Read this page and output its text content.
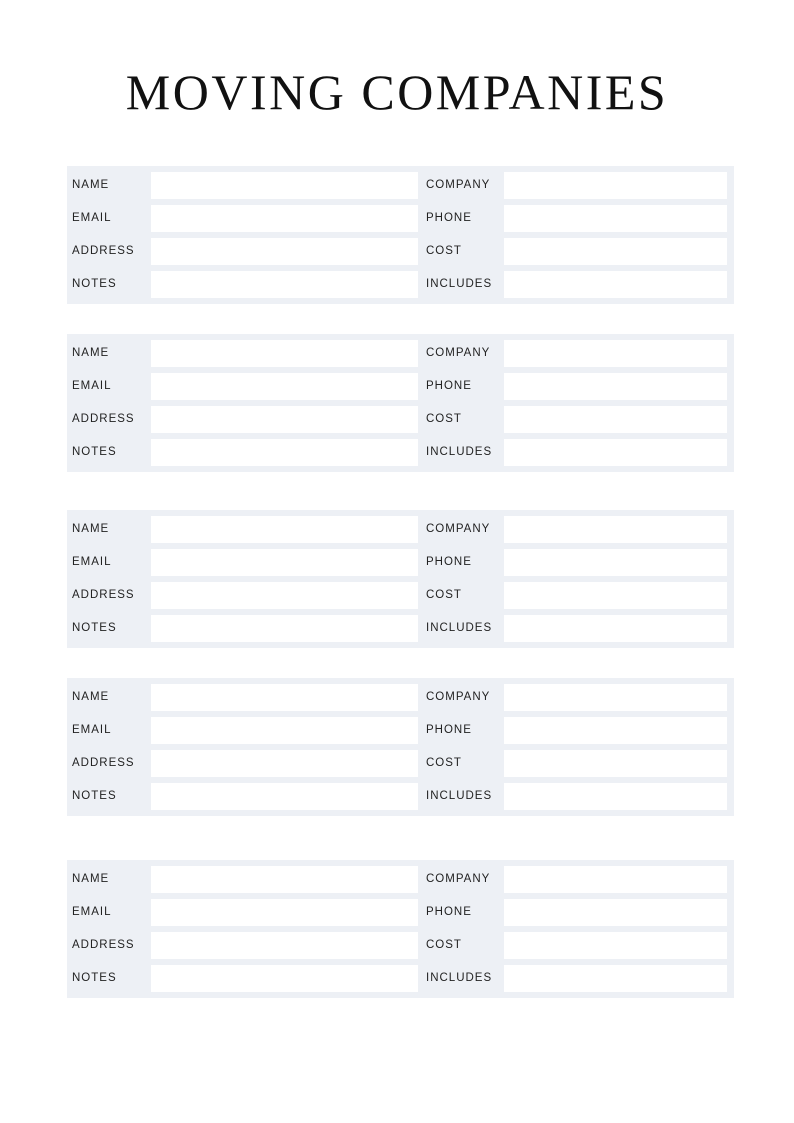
MOVING COMPANIES
NAME	COMPANY
EMAIL	PHONE
ADDRESS	COST
NOTES	INCLUDES
NAME	COMPANY
EMAIL	PHONE
ADDRESS	COST
NOTES	INCLUDES
NAME	COMPANY
EMAIL	PHONE
ADDRESS	COST
NOTES	INCLUDES
NAME	COMPANY
EMAIL	PHONE
ADDRESS	COST
NOTES	INCLUDES
NAME	COMPANY
EMAIL	PHONE
ADDRESS	COST
NOTES	INCLUDES
